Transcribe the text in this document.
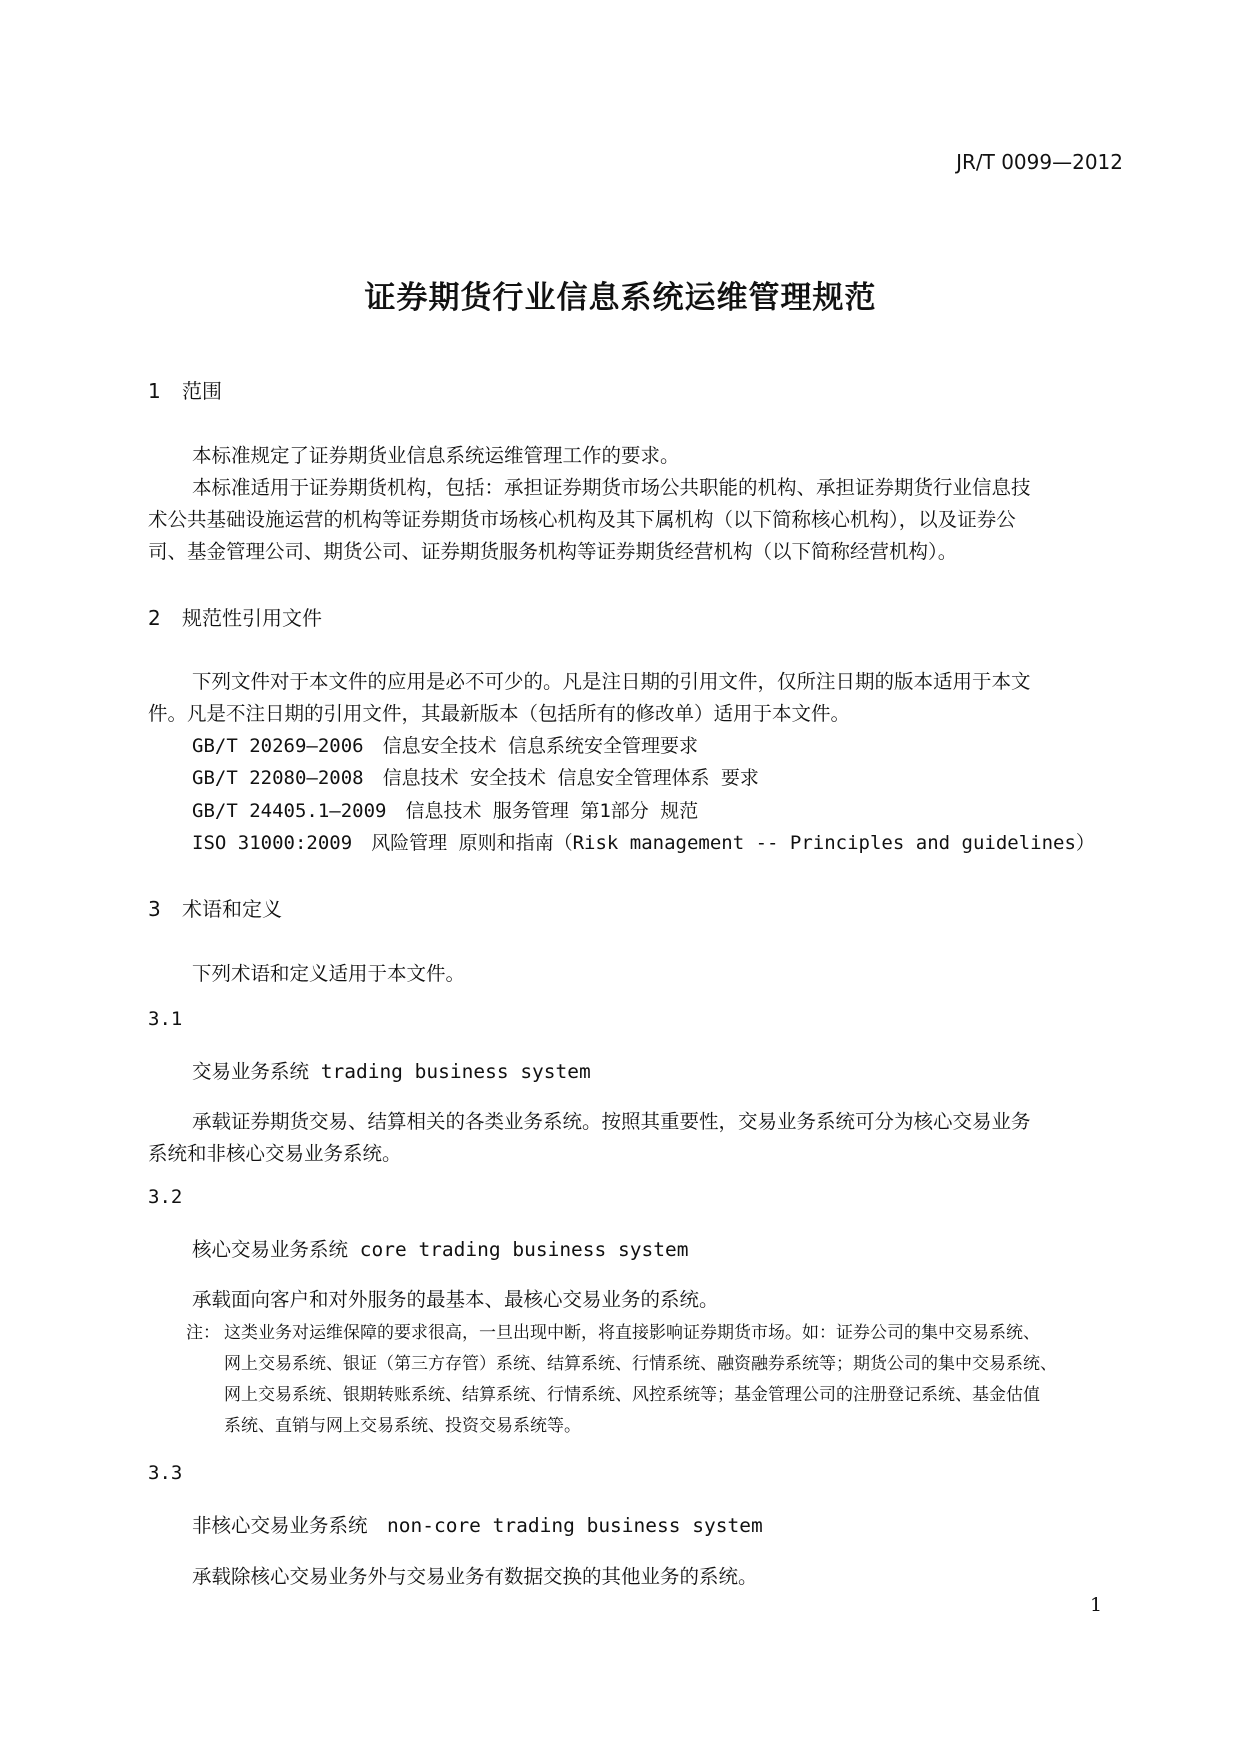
JR/T 0099—2012

证券期货行业信息系统运维管理规范
1 范围

本标准规定了证券期货业信息系统运维管理工作的要求。

本标准适用于证券期货机构，包括：承担证券期货市场公共职能的机构、承担证券期货行业信息技

术公共基础设施运营的机构等证券期货市场核心机构及其下属机构（以下简称核心机构），以及证券公

司、基金管理公司、期货公司、证券期货服务机构等证券期货经营机构（以下简称经营机构）。

2 规范性引用文件

下列文件对于本文件的应用是必不可少的。凡是注日期的引用文件，仅所注日期的版本适用于本文

件。凡是不注日期的引用文件，其最新版本（包括所有的修改单）适用于本文件。

GB/T 20269—2006　信息安全技术 信息系统安全管理要求

GB/T 22080—2008　信息技术 安全技术 信息安全管理体系 要求

GB/T 24405.1—2009　信息技术 服务管理 第1部分 规范

ISO 31000:2009　风险管理 原则和指南（Risk management -- Principles and guidelines）

3 术语和定义

下列术语和定义适用于本文件。

3.1

交易业务系统 trading business system

承载证券期货交易、结算相关的各类业务系统。按照其重要性，交易业务系统可分为核心交易业务

系统和非核心交易业务系统。

3.2

核心交易业务系统 core trading business system

承载面向客户和对外服务的最基本、最核心交易业务的系统。

注： 这类业务对运维保障的要求很高，一旦出现中断，将直接影响证券期货市场。如：证券公司的集中交易系统、

网上交易系统、银证（第三方存管）系统、结算系统、行情系统、融资融券系统等；期货公司的集中交易系统、

网上交易系统、银期转账系统、结算系统、行情系统、风控系统等；基金管理公司的注册登记系统、基金估值

系统、直销与网上交易系统、投资交易系统等。

3.3

非核心交易业务系统　non-core trading business system

承载除核心交易业务外与交易业务有数据交换的其他业务的系统。

1
